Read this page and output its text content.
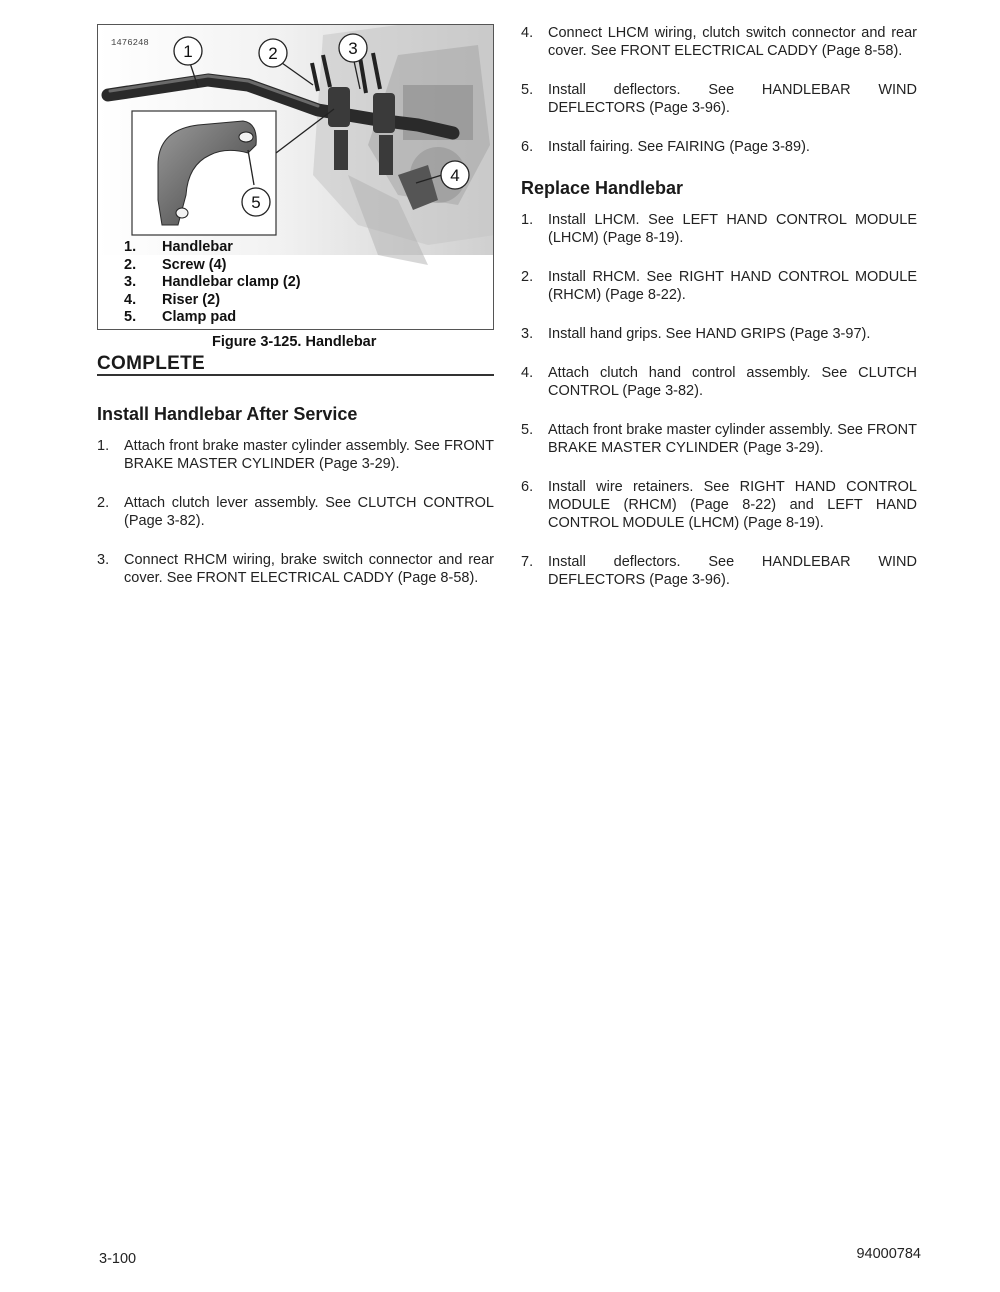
1	2	3
4
5
1476248
1.	Handlebar
2.	Screw (4)
3.	Handlebar clamp (2)
4.	Riser (2)
5.	Clamp pad
Figure 3-125. Handlebar
COMPLETE
Install Handlebar After Service
1.	Attach front brake master cylinder assembly. See FRONT BRAKE MASTER CYLINDER (Page 3-29).
2.	Attach clutch lever assembly. See CLUTCH CONTROL (Page 3-82).
3.	Connect RHCM wiring, brake switch connector and rear cover. See FRONT ELECTRICAL CADDY (Page 8-58).
4.	Connect LHCM wiring, clutch switch connector and rear cover. See FRONT ELECTRICAL CADDY (Page 8-58).
5.	Install deflectors. See HANDLEBAR WIND DEFLECTORS (Page 3-96).
6.	Install fairing. See FAIRING (Page 3-89).
Replace Handlebar
1.	Install LHCM. See LEFT HAND CONTROL MODULE (LHCM) (Page 8-19).
2.	Install RHCM. See RIGHT HAND CONTROL MODULE (RHCM) (Page 8-22).
3.	Install hand grips. See HAND GRIPS (Page 3-97).
4.	Attach clutch hand control assembly. See CLUTCH CONTROL (Page 3-82).
5.	Attach front brake master cylinder assembly. See FRONT BRAKE MASTER CYLINDER (Page 3-29).
6.	Install wire retainers. See RIGHT HAND CONTROL MODULE (RHCM) (Page 8-22) and LEFT HAND CONTROL MODULE (LHCM) (Page 8-19).
7.	Install deflectors. See HANDLEBAR WIND DEFLECTORS (Page 3-96).
3-100	94000784
